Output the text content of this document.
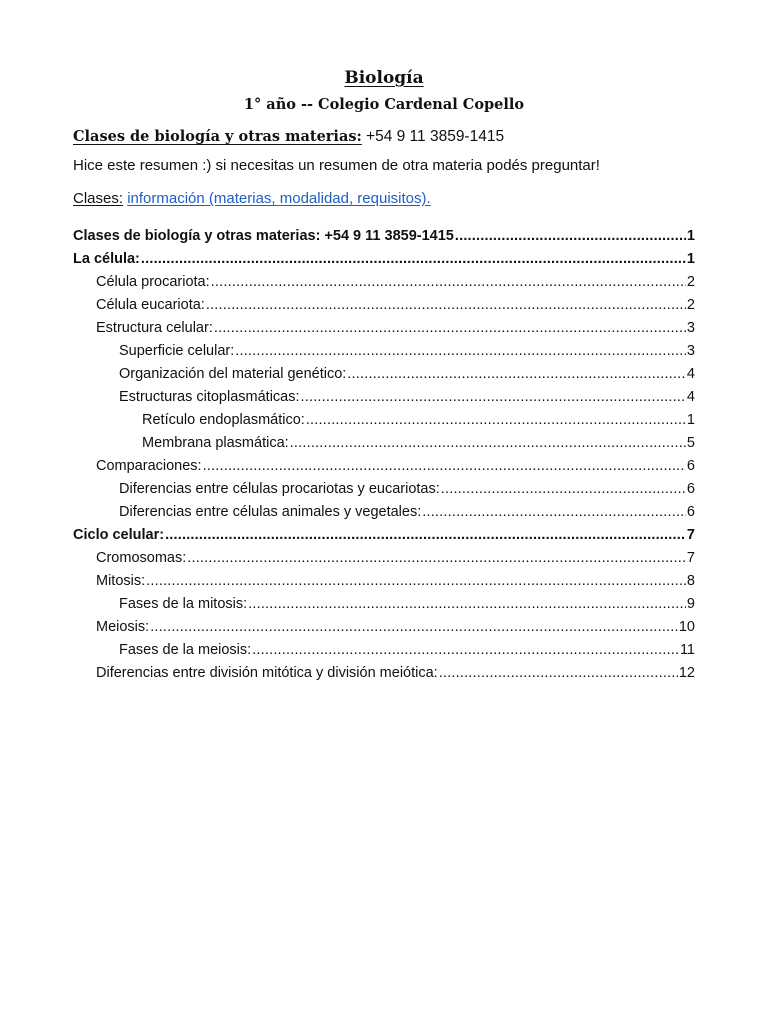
Biología
1° año -- Colegio Cardenal Copello
Clases de biología y otras materias: +54 9 11 3859-1415
Hice este resumen :) si necesitas un resumen de otra materia podés preguntar!
Clases: información (materias, modalidad, requisitos).
Clases de biología y otras materias: +54 9 11 3859-1415 .....	1
La célula: .....	1
Célula procariota: .....	2
Célula eucariota: .....	2
Estructura celular: .....	3
Superficie celular: .....	3
Organización del material genético: .....	4
Estructuras citoplasmáticas: .....	4
Retículo endoplasmático: .....	1
Membrana plasmática: .....	5
Comparaciones: .....	6
Diferencias entre células procariotas y eucariotas: .....	6
Diferencias entre células animales y vegetales: .....	6
Ciclo celular: .....	7
Cromosomas: .....	7
Mitosis: .....	8
Fases de la mitosis: .....	9
Meiosis: .....	10
Fases de la meiosis: .....	11
Diferencias entre división mitótica y división meiótica: .....	12
